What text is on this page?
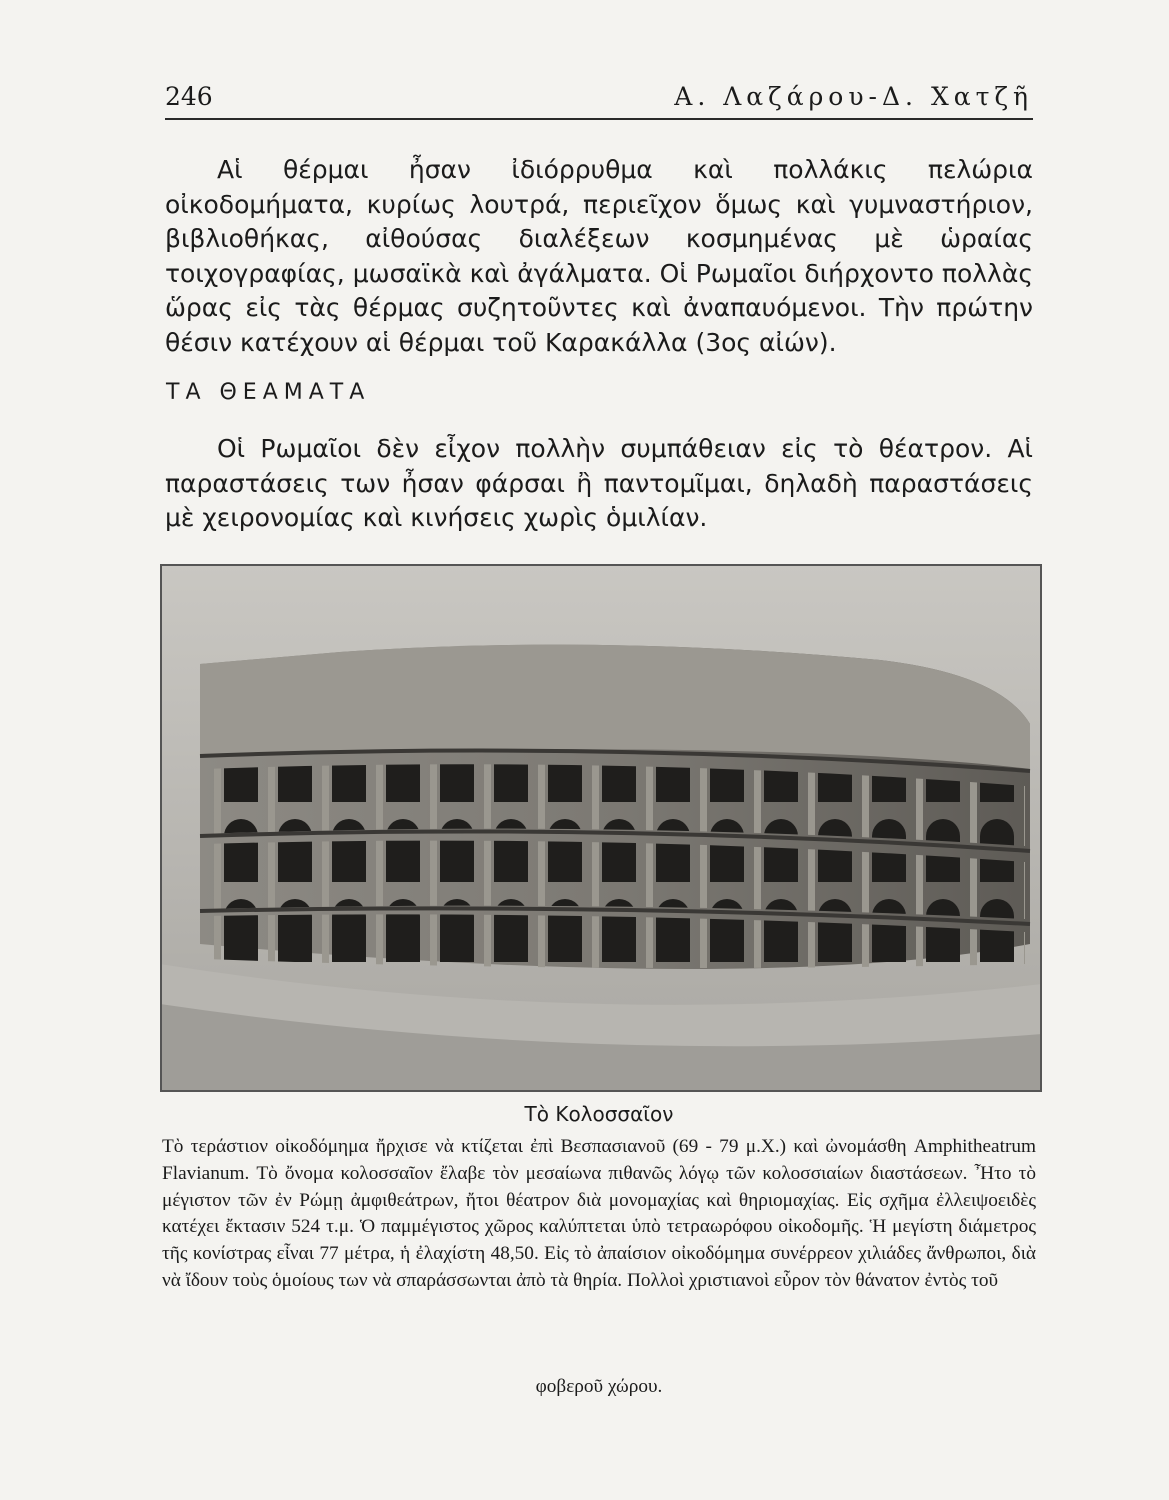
246	Α. Λαζάρου-Δ. Χατζῆ

Αἱ θέρμαι ἦσαν ἰδιόρρυθμα καὶ πολλάκις πελώρια οἰκοδομήματα, κυρίως λουτρά, περιεῖχον ὅμως καὶ γυμναστήριον, βιβλιοθήκας, αἰθούσας διαλέξεων κοσμημένας μὲ ὡραίας τοιχογραφίας, μωσαϊκὰ καὶ ἀγάλματα. Οἱ Ρωμαῖοι διήρχοντο πολλὰς ὥρας εἰς τὰς θέρμας συζητοῦντες καὶ ἀναπαυόμενοι. Τὴν πρώτην θέσιν κατέχουν αἱ θέρμαι τοῦ Καρακάλλα (3ος αἰών).

ΤΑ ΘΕΑΜΑΤΑ

Οἱ Ρωμαῖοι δὲν εἶχον πολλὴν συμπάθειαν εἰς τὸ θέατρον. Αἱ παραστάσεις των ἦσαν φάρσαι ἢ παντομῖμαι, δηλαδὴ παραστάσεις μὲ χειρονομίας καὶ κινήσεις χωρὶς ὁμιλίαν.

Τὸ Κολοσσαῖον

Τὸ τεράστιον οἰκοδόμημα ἤρχισε νὰ κτίζεται ἐπὶ Βεσπασιανοῦ (69 - 79 μ.Χ.) καὶ ὠνομάσθη Amphitheatrum Flavianum. Τὸ ὄνομα κολοσσαῖον ἔλαβε τὸν μεσαίωνα πιθανῶς λόγῳ τῶν κολοσσιαίων διαστάσεων. Ἦτο τὸ μέγιστον τῶν ἐν Ρώμῃ ἀμφιθεάτρων, ἤτοι θέατρον διὰ μονομαχίας καὶ θηριομαχίας. Εἰς σχῆμα ἐλλειψοειδὲς κατέχει ἔκτασιν 524 τ.μ. Ὁ παμμέγιστος χῶρος καλύπτεται ὑπὸ τετραωρόφου οἰκοδομῆς. Ἡ μεγίστη διάμετρος τῆς κονίστρας εἶναι 77 μέτρα, ἡ ἐλαχίστη 48,50. Εἰς τὸ ἀπαίσιον οἰκοδόμημα συνέρρεον χιλιάδες ἄνθρωποι, διὰ νὰ ἴδουν τοὺς ὁμοίους των νὰ σπαράσσωνται ἀπὸ τὰ θηρία. Πολλοὶ χριστιανοὶ εὗρον τὸν θάνατον ἐντὸς τοῦ

φοβεροῦ χώρου.
